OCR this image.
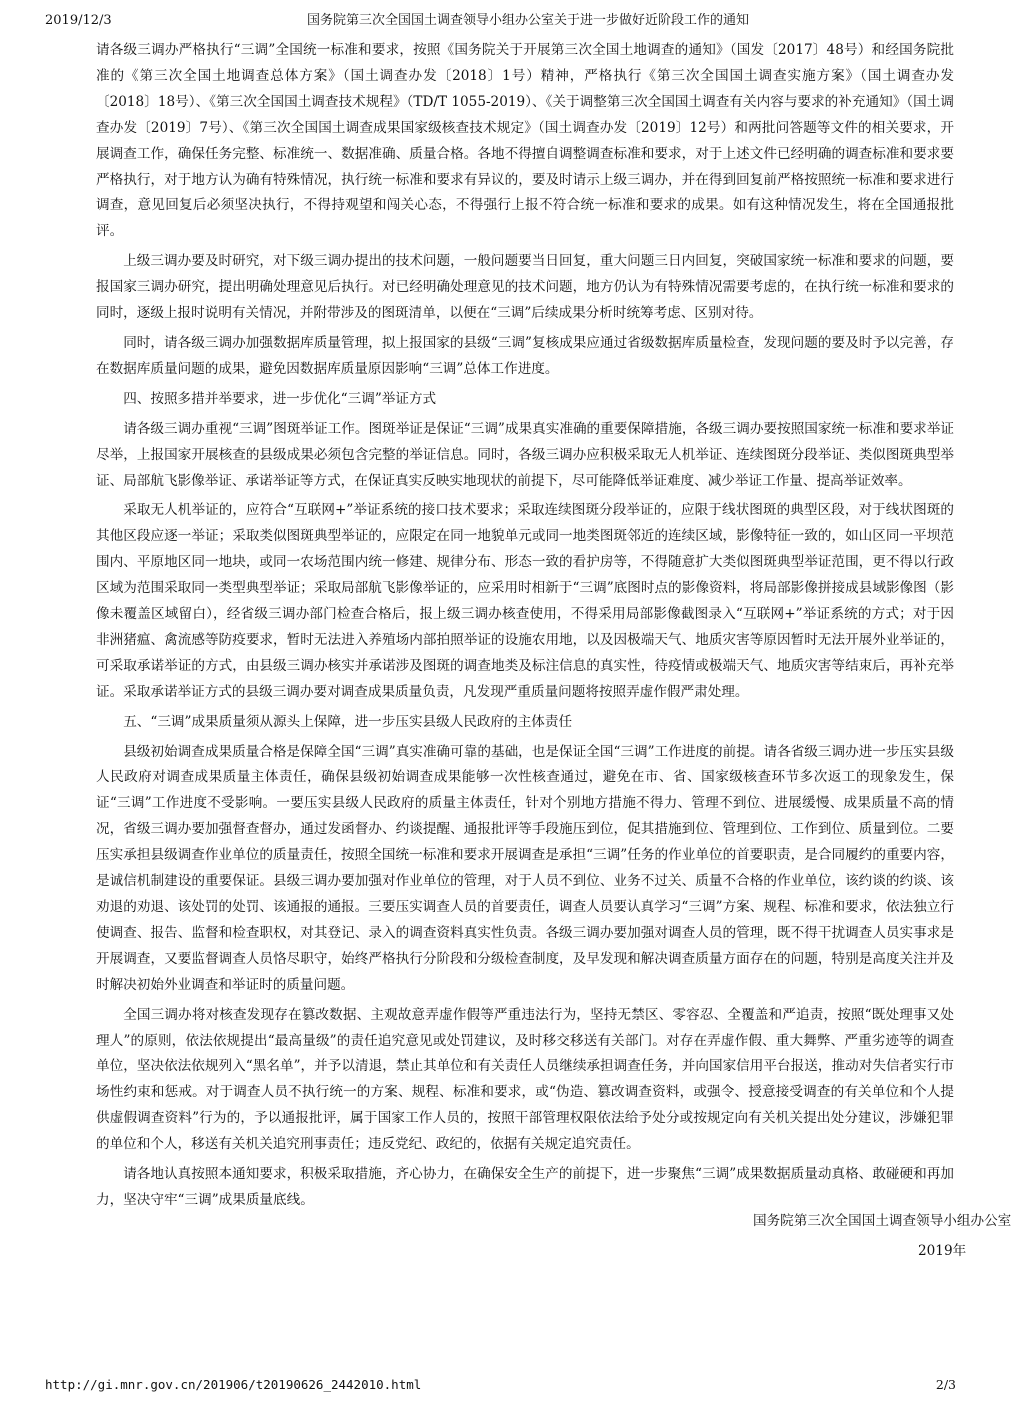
2019/12/3	国务院第三次全国国土调查领导小组办公室关于进一步做好近阶段工作的通知

请各级三调办严格执行“三调”全国统一标准和要求，按照《国务院关于开展第三次全国土地调查的通知》（国发〔2017〕48号）和经国务院批准的《第三次全国土地调查总体方案》（国土调查办发〔2018〕1号）精神，严格执行《第三次全国国土调查实施方案》（国土调查办发〔2018〕18号）、《第三次全国国土调查技术规程》（TD/T 1055-2019）、《关于调整第三次全国国土调查有关内容与要求的补充通知》（国土调查办发〔2019〕7号）、《第三次全国国土调查成果国家级核查技术规定》（国土调查办发〔2019〕12号）和两批问答题等文件的相关要求，开展调查工作，确保任务完整、标准统一、数据准确、质量合格。各地不得擅自调整调查标准和要求，对于上述文件已经明确的调查标准和要求要严格执行，对于地方认为确有特殊情况，执行统一标准和要求有异议的，要及时请示上级三调办，并在得到回复前严格按照统一标准和要求进行调查，意见回复后必须坚决执行，不得持观望和闯关心态，不得强行上报不符合统一标准和要求的成果。如有这种情况发生，将在全国通报批评。

上级三调办要及时研究，对下级三调办提出的技术问题，一般问题要当日回复，重大问题三日内回复，突破国家统一标准和要求的问题，要报国家三调办研究，提出明确处理意见后执行。对已经明确处理意见的技术问题，地方仍认为有特殊情况需要考虑的，在执行统一标准和要求的同时，逐级上报时说明有关情况，并附带涉及的图斑清单，以便在“三调”后续成果分析时统筹考虑、区别对待。

同时，请各级三调办加强数据库质量管理，拟上报国家的县级“三调”复核成果应通过省级数据库质量检查，发现问题的要及时予以完善，存在数据库质量问题的成果，避免因数据库质量原因影响“三调”总体工作进度。

四、按照多措并举要求，进一步优化“三调”举证方式

请各级三调办重视“三调”图斑举证工作。图斑举证是保证“三调”成果真实准确的重要保障措施，各级三调办要按照国家统一标准和要求举证尽举，上报国家开展核查的县级成果必须包含完整的举证信息。同时，各级三调办应积极采取无人机举证、连续图斑分段举证、类似图斑典型举证、局部航飞影像举证、承诺举证等方式，在保证真实反映实地现状的前提下，尽可能降低举证难度、减少举证工作量、提高举证效率。

采取无人机举证的，应符合“互联网+”举证系统的接口技术要求；采取连续图斑分段举证的，应限于线状图斑的典型区段，对于线状图斑的其他区段应逐一举证；采取类似图斑典型举证的，应限定在同一地貌单元或同一地类图斑邻近的连续区域，影像特征一致的，如山区同一平坝范围内、平原地区同一地块，或同一农场范围内统一修建、规律分布、形态一致的看护房等，不得随意扩大类似图斑典型举证范围，更不得以行政区域为范围采取同一类型典型举证；采取局部航飞影像举证的，应采用时相新于“三调”底图时点的影像资料，将局部影像拼接成县域影像图（影像未覆盖区域留白），经省级三调办部门检查合格后，报上级三调办核查使用，不得采用局部影像截图录入“互联网+”举证系统的方式；对于因非洲猪瘟、禽流感等防疫要求，暂时无法进入养殖场内部拍照举证的设施农用地，以及因极端天气、地质灾害等原因暂时无法开展外业举证的，可采取承诺举证的方式，由县级三调办核实并承诺涉及图斑的调查地类及标注信息的真实性，待疫情或极端天气、地质灾害等结束后，再补充举证。采取承诺举证方式的县级三调办要对调查成果质量负责，凡发现严重质量问题将按照弄虚作假严肃处理。

五、“三调”成果质量须从源头上保障，进一步压实县级人民政府的主体责任

县级初始调查成果质量合格是保障全国“三调”真实准确可靠的基础，也是保证全国“三调”工作进度的前提。请各省级三调办进一步压实县级人民政府对调查成果质量主体责任，确保县级初始调查成果能够一次性核查通过，避免在市、省、国家级核查环节多次返工的现象发生，保证“三调”工作进度不受影响。一要压实县级人民政府的质量主体责任，针对个别地方措施不得力、管理不到位、进展缓慢、成果质量不高的情况，省级三调办要加强督查督办，通过发函督办、约谈提醒、通报批评等手段施压到位，促其措施到位、管理到位、工作到位、质量到位。二要压实承担县级调查作业单位的质量责任，按照全国统一标准和要求开展调查是承担“三调”任务的作业单位的首要职责，是合同履约的重要内容，是诚信机制建设的重要保证。县级三调办要加强对作业单位的管理，对于人员不到位、业务不过关、质量不合格的作业单位，该约谈的约谈、该劝退的劝退、该处罚的处罚、该通报的通报。三要压实调查人员的首要责任，调查人员要认真学习“三调”方案、规程、标准和要求，依法独立行使调查、报告、监督和检查职权，对其登记、录入的调查资料真实性负责。各级三调办要加强对调查人员的管理，既不得干扰调查人员实事求是开展调查，又要监督调查人员恪尽职守，始终严格执行分阶段和分级检查制度，及早发现和解决调查质量方面存在的问题，特别是高度关注并及时解决初始外业调查和举证时的质量问题。

全国三调办将对核查发现存在篡改数据、主观故意弄虚作假等严重违法行为，坚持无禁区、零容忍、全覆盖和严追责，按照“既处理事又处理人”的原则，依法依规提出“最高量级”的责任追究意见或处罚建议，及时移交移送有关部门。对存在弄虚作假、重大舞弊、严重劣迹等的调查单位，坚决依法依规列入“黑名单”，并予以清退，禁止其单位和有关责任人员继续承担调查任务，并向国家信用平台报送，推动对失信者实行市场性约束和惩戒。对于调查人员不执行统一的方案、规程、标准和要求，或“伪造、篡改调查资料，或强令、授意接受调查的有关单位和个人提供虚假调查资料”行为的，予以通报批评，属于国家工作人员的，按照干部管理权限依法给予处分或按规定向有关机关提出处分建议，涉嫌犯罪的单位和个人，移送有关机关追究刑事责任；违反党纪、政纪的，依据有关规定追究责任。

请各地认真按照本通知要求，积极采取措施，齐心协力，在确保安全生产的前提下，进一步聚焦“三调”成果数据质量动真格、敢碰硬和再加力，坚决守牢“三调”成果质量底线。

国务院第三次全国国土调查领导小组办公室
2019年
http://gi.mnr.gov.cn/201906/t20190626_2442010.html	2/3
